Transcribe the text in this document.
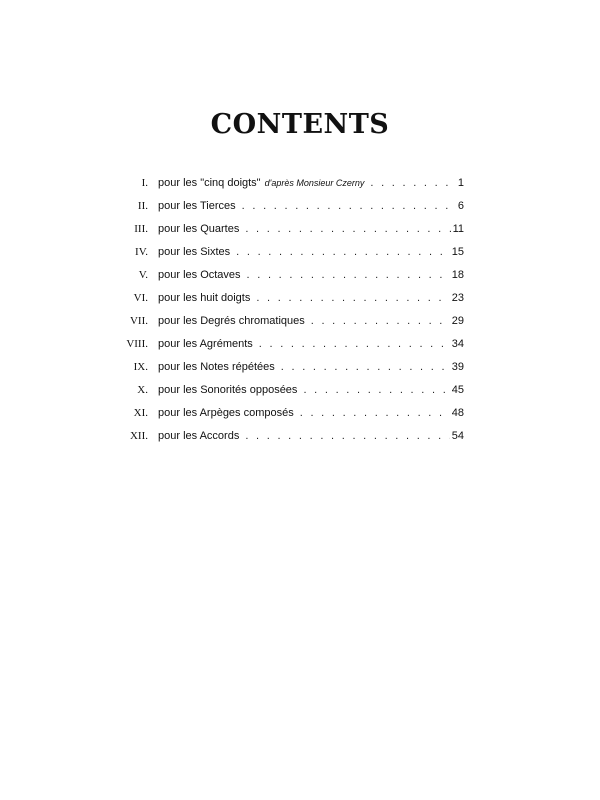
CONTENTS
I. pour les "cinq doigts" d'après Monsieur Czerny . . .	1
II. pour les Tierces . . .	6
III. pour les Quartes . . .	11
IV. pour les Sixtes . . .	15
V. pour les Octaves . . .	18
VI. pour les huit doigts . . .	23
VII. pour les Degrés chromatiques . . .	29
VIII. pour les Agréments . . .	34
IX. pour les Notes répétées . . .	39
X. pour les Sonorités opposées . . .	45
XI. pour les Arpèges composés . . .	48
XII. pour les Accords . . .	54
